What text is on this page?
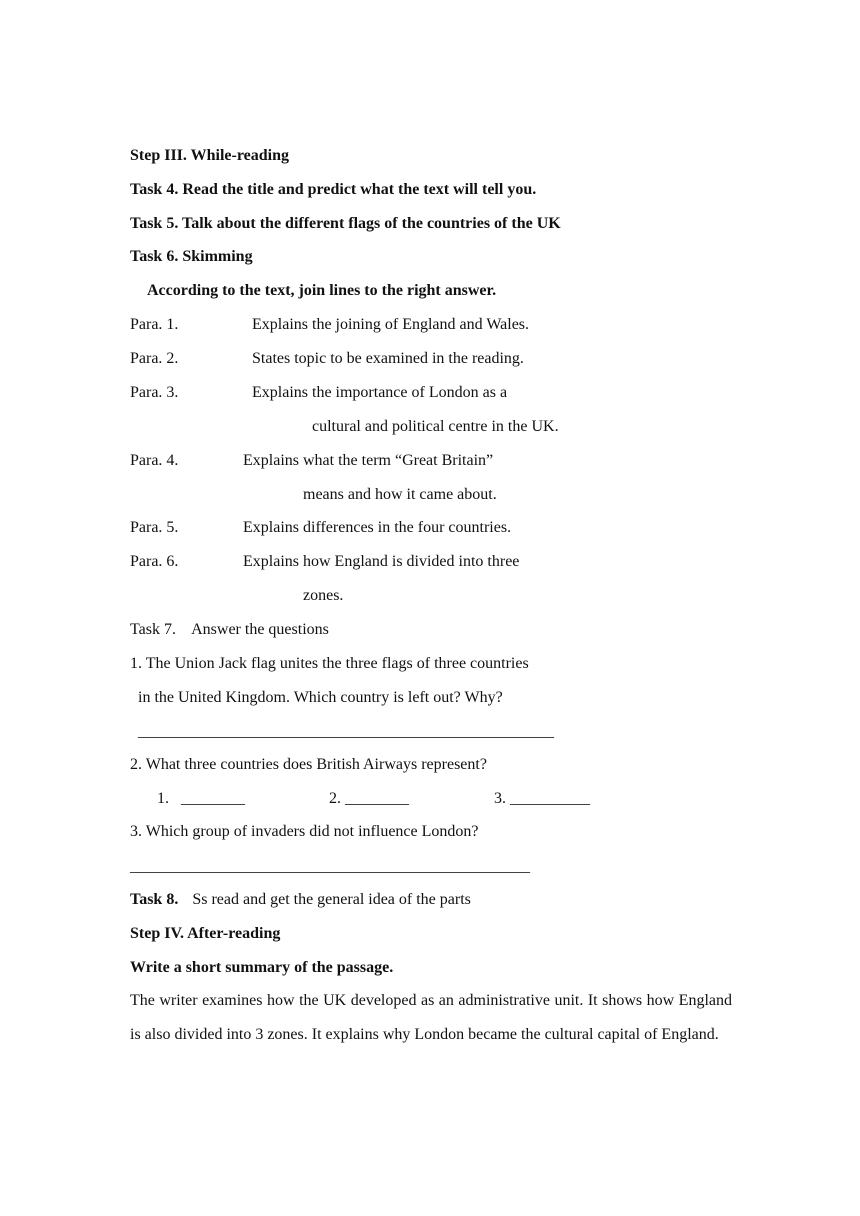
Step III. While-reading
Task 4. Read the title and predict what the text will tell you.
Task 5. Talk about the different flags of the countries of the UK
Task 6. Skimming
According to the text, join lines to the right answer.
Para. 1.	Explains the joining of England and Wales.
Para. 2.	States topic to be examined in the reading.
Para. 3.	Explains the importance of London as a
cultural and political centre in the UK.
Para. 4.	Explains what the term “Great Britain”
means and how it came about.
Para. 5.	Explains differences in the four countries.
Para. 6.	Explains how England is divided into three
zones.
Task 7.    Answer the questions
1. The Union Jack flag unites the three flags of three countries
in the United Kingdom. Which country is left out? Why?
____________________________________________________
2. What three countries does British Airways represent?
1.   ________	2. ________	3. __________
3. Which group of invaders did not influence London?
__________________________________________________
Task 8. Ss read and get the general idea of the parts
Step IV. After-reading
Write a short summary of the passage.
The writer examines how the UK developed as an administrative unit. It shows how England is also divided into 3 zones. It explains why London became the cultural capital of England.
